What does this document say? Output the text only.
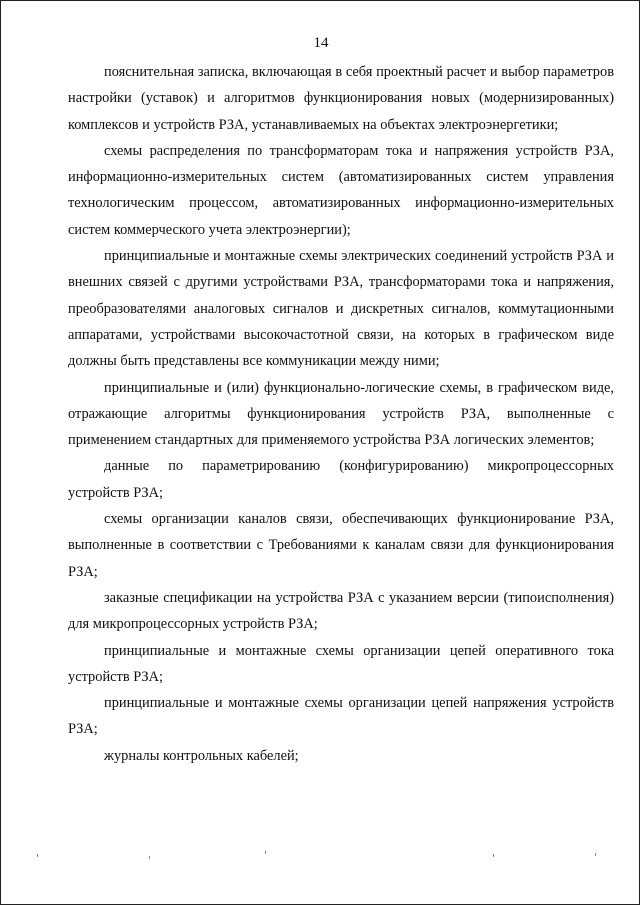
14

пояснительная записка, включающая в себя проектный расчет и выбор параметров настройки (уставок) и алгоритмов функционирования новых (модернизированных) комплексов и устройств РЗА, устанавливаемых на объектах электроэнергетики;

схемы распределения по трансформаторам тока и напряжения устройств РЗА, информационно-измерительных систем (автоматизированных систем управления технологическим процессом, автоматизированных информационно-измерительных систем коммерческого учета электроэнергии);

принципиальные и монтажные схемы электрических соединений устройств РЗА и внешних связей с другими устройствами РЗА, трансформаторами тока и напряжения, преобразователями аналоговых сигналов и дискретных сигналов, коммутационными аппаратами, устройствами высокочастотной связи, на которых в графическом виде должны быть представлены все коммуникации между ними;

принципиальные и (или) функционально-логические схемы, в графическом виде, отражающие алгоритмы функционирования устройств РЗА, выполненные с применением стандартных для применяемого устройства РЗА логических элементов;

данные по параметрированию (конфигурированию) микропроцессорных устройств РЗА;

схемы организации каналов связи, обеспечивающих функционирование РЗА, выполненные в соответствии с Требованиями к каналам связи для функционирования РЗА;

заказные спецификации на устройства РЗА с указанием версии (типоисполнения) для микропроцессорных устройств РЗА;

принципиальные и монтажные схемы организации цепей оперативного тока устройств РЗА;

принципиальные и монтажные схемы организации цепей напряжения устройств РЗА;

журналы контрольных кабелей;
